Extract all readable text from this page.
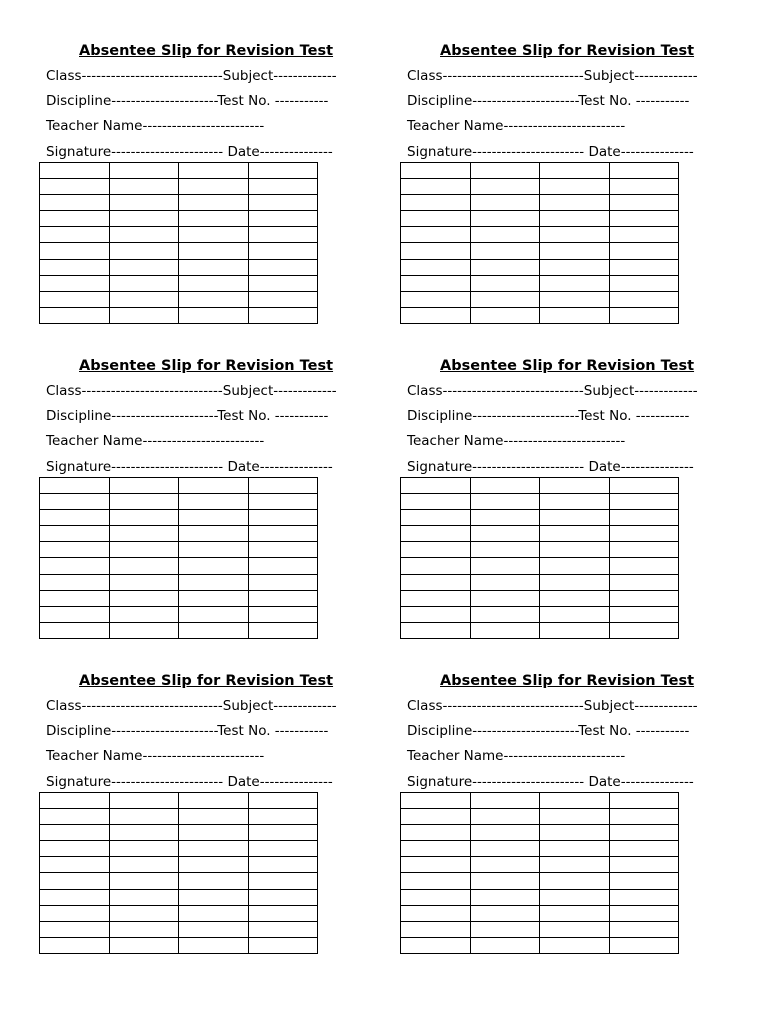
Absentee Slip for Revision Test
Class-----------------------------Subject-------------
Discipline----------------------Test No. -----------
Teacher Name-------------------------
Signature----------------------- Date---------------

Absentee Slip for Revision Test
Class-----------------------------Subject-------------
Discipline----------------------Test No. -----------
Teacher Name-------------------------
Signature----------------------- Date---------------

Absentee Slip for Revision Test
Class-----------------------------Subject-------------
Discipline----------------------Test No. -----------
Teacher Name-------------------------
Signature----------------------- Date---------------

Absentee Slip for Revision Test
Class-----------------------------Subject-------------
Discipline----------------------Test No. -----------
Teacher Name-------------------------
Signature----------------------- Date---------------

Absentee Slip for Revision Test
Class-----------------------------Subject-------------
Discipline----------------------Test No. -----------
Teacher Name-------------------------
Signature----------------------- Date---------------

Absentee Slip for Revision Test
Class-----------------------------Subject-------------
Discipline----------------------Test No. -----------
Teacher Name-------------------------
Signature----------------------- Date---------------
